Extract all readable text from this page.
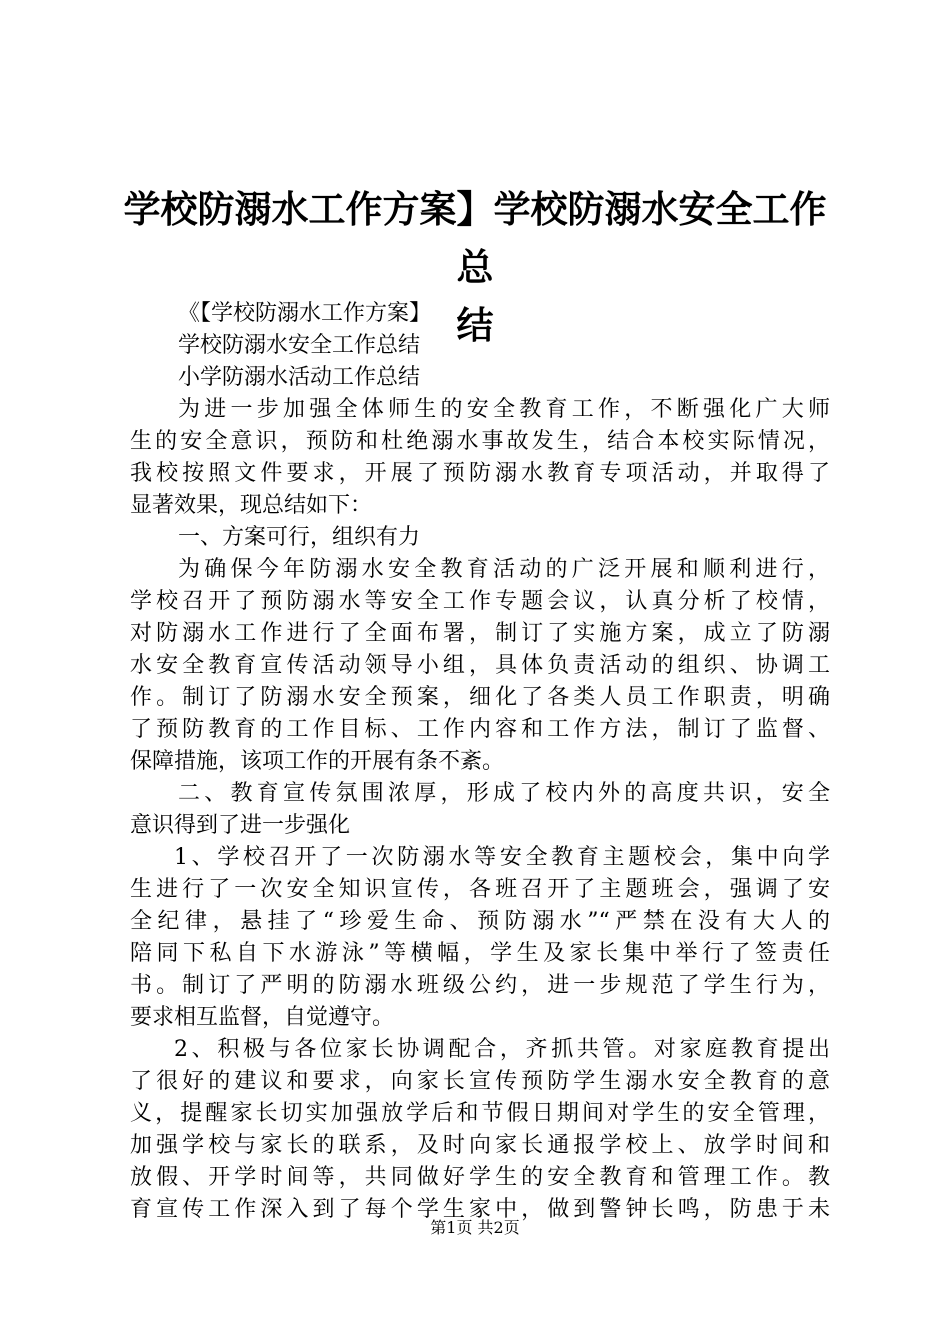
学校防溺水工作方案】学校防溺水安全工作总
结

《【学校防溺水工作方案】

学校防溺水安全工作总结

小学防溺水活动工作总结

为进一步加强全体师生的安全教育工作，不断强化广大师

生的安全意识，预防和杜绝溺水事故发生，结合本校实际情况，

我校按照文件要求，开展了预防溺水教育专项活动，并取得了

显著效果，现总结如下：

一、方案可行，组织有力

为确保今年防溺水安全教育活动的广泛开展和顺利进行，

学校召开了预防溺水等安全工作专题会议，认真分析了校情，

对防溺水工作进行了全面布署，制订了实施方案，成立了防溺

水安全教育宣传活动领导小组，具体负责活动的组织、协调工

作。制订了防溺水安全预案，细化了各类人员工作职责，明确

了预防教育的工作目标、工作内容和工作方法，制订了监督、

保障措施，该项工作的开展有条不紊。

二、教育宣传氛围浓厚，形成了校内外的高度共识，安全

意识得到了进一步强化

1、学校召开了一次防溺水等安全教育主题校会，集中向学

生进行了一次安全知识宣传，各班召开了主题班会，强调了安

全纪律，悬挂了“珍爱生命、预防溺水”“严禁在没有大人的

陪同下私自下水游泳”等横幅，学生及家长集中举行了签责任

书。制订了严明的防溺水班级公约，进一步规范了学生行为，

要求相互监督，自觉遵守。

2、积极与各位家长协调配合，齐抓共管。对家庭教育提出

了很好的建议和要求，向家长宣传预防学生溺水安全教育的意

义，提醒家长切实加强放学后和节假日期间对学生的安全管理，

加强学校与家长的联系，及时向家长通报学校上、放学时间和

放假、开学时间等，共同做好学生的安全教育和管理工作。教

育宣传工作深入到了每个学生家中，做到警钟长鸣，防患于未

第1页 共2页
